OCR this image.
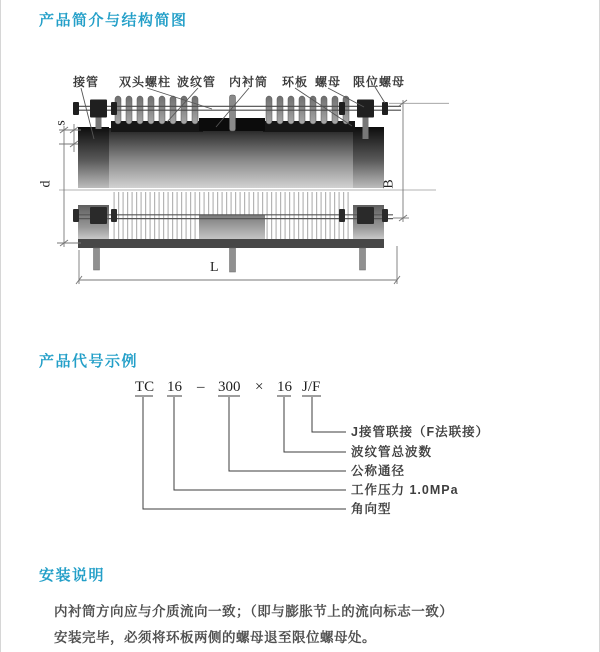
产品简介与结构简图
接管 双头螺柱 波纹管 内衬筒 环板 螺母 限位螺母
s
d	B
L
产品代号示例
TC 16 – 300 × 16 J/F
J接管联接（F法联接）
波纹管总波数
公称通径
工作压力 1.0MPa
角向型
安装说明
内衬筒方向应与介质流向一致；（即与膨胀节上的流向标志一致）
安装完毕，必须将环板两侧的螺母退至限位螺母处。
